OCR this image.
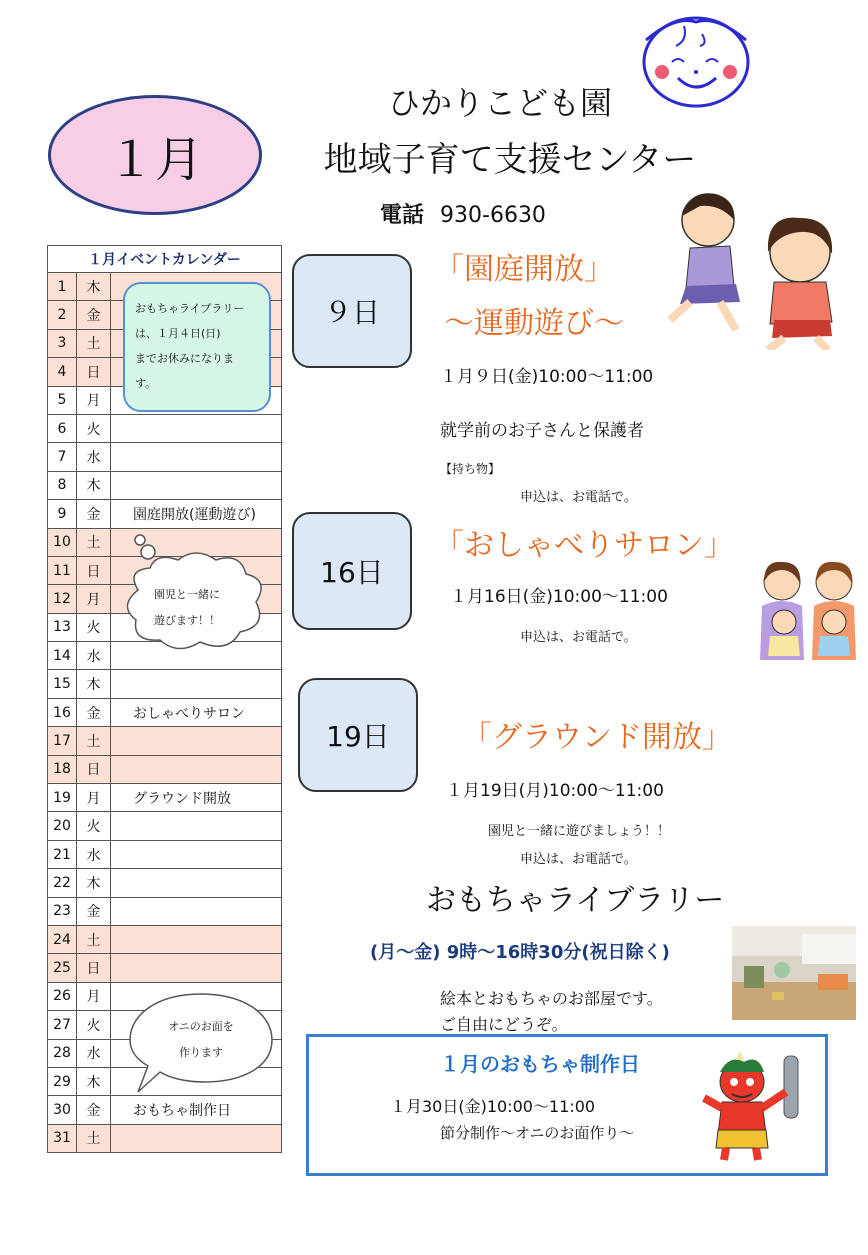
１月
ひかりこども園
地域子育て支援センター
電話 930-6630
１月イベントカレンダー		
1	木	
2	金	
3	土	
4	日	
5	月	
6	火	
7	水	
8	木	
9	金	園庭開放(運動遊び)
10	土	
11	日	
12	月	
13	火	
14	水	
15	木	
16	金	おしゃべりサロン
17	土	
18	日	
19	月	グラウンド開放
20	火	
21	水	
22	木	
23	金	
24	土	
25	日	
26	月	
27	火	
28	水	
29	木	
30	金	おもちゃ制作日
31	土	
おもちゃライブラリー
は、１月４日(日)
までお休みになりま
す。
園児と一緒に
遊びます！！
オニのお面を
作ります
９日
「園庭開放」
～運動遊び～
１月９日(金)10:00～11:00
就学前のお子さんと保護者
【持ち物】
申込は、お電話で。
16日
「おしゃべりサロン」
１月16日(金)10:00～11:00
申込は、お電話で。
19日 「グラウンド開放」
１月19日(月)10:00～11:00
園児と一緒に遊びましょう！！
申込は、お電話で。
おもちゃライブラリー
(月～金) 9時～16時30分(祝日除く)
絵本とおもちゃのお部屋です。
ご自由にどうぞ。
１月のおもちゃ制作日
１月30日(金)10:00～11:00
節分制作～オニのお面作り～
